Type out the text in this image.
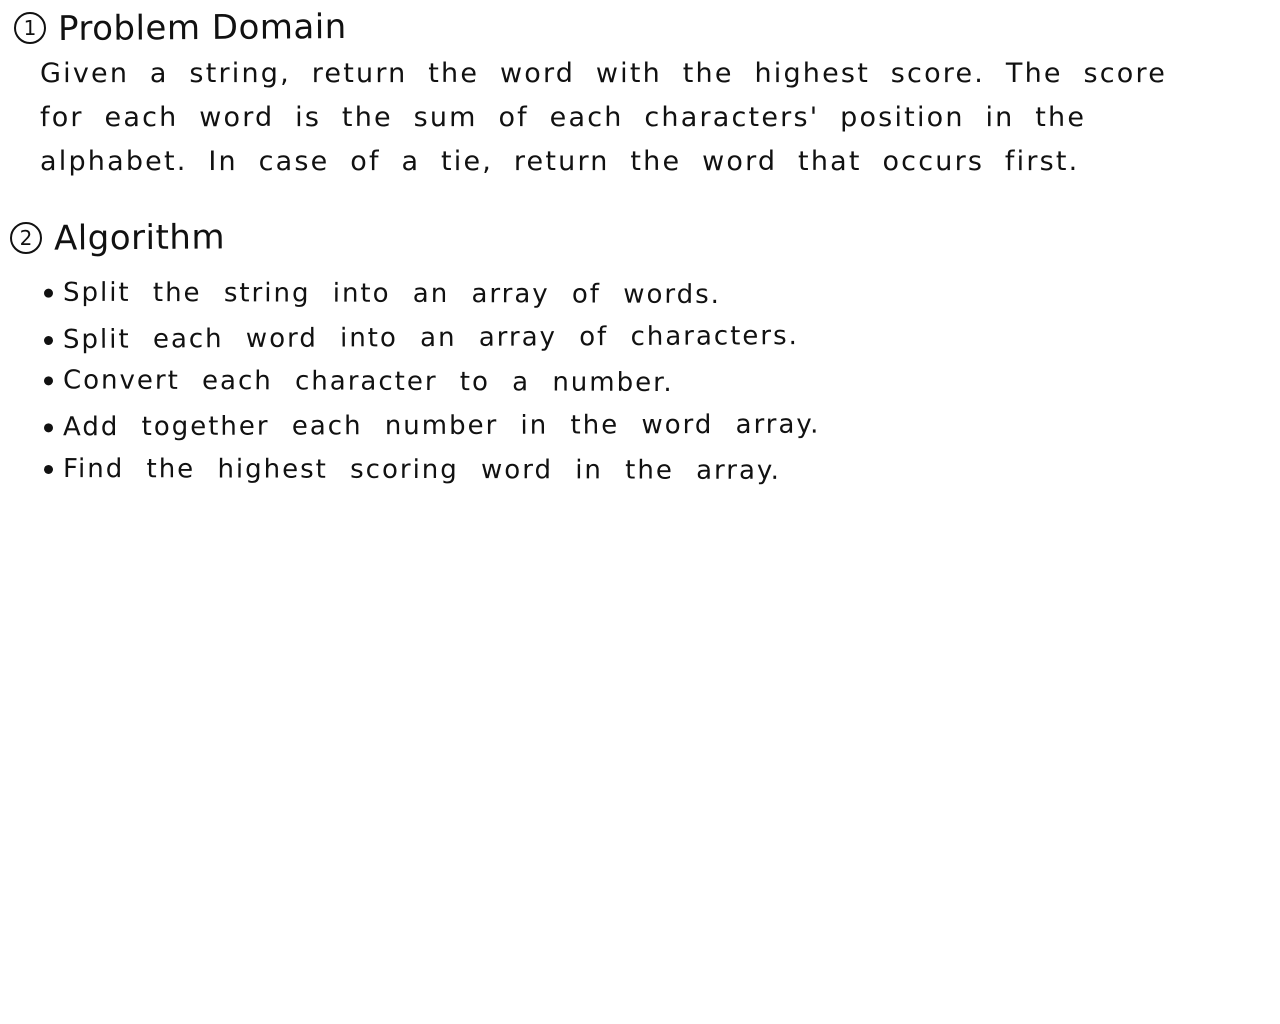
1 Problem Domain

Given a string, return the word with the highest score. The score for each word is the sum of each characters' position in the alphabet. In case of a tie, return the word that occurs first.

2 Algorithm
Split the string into an array of words.
Split each word into an array of characters.
Convert each character to a number.
Add together each number in the word array.
Find the highest scoring word in the array.
